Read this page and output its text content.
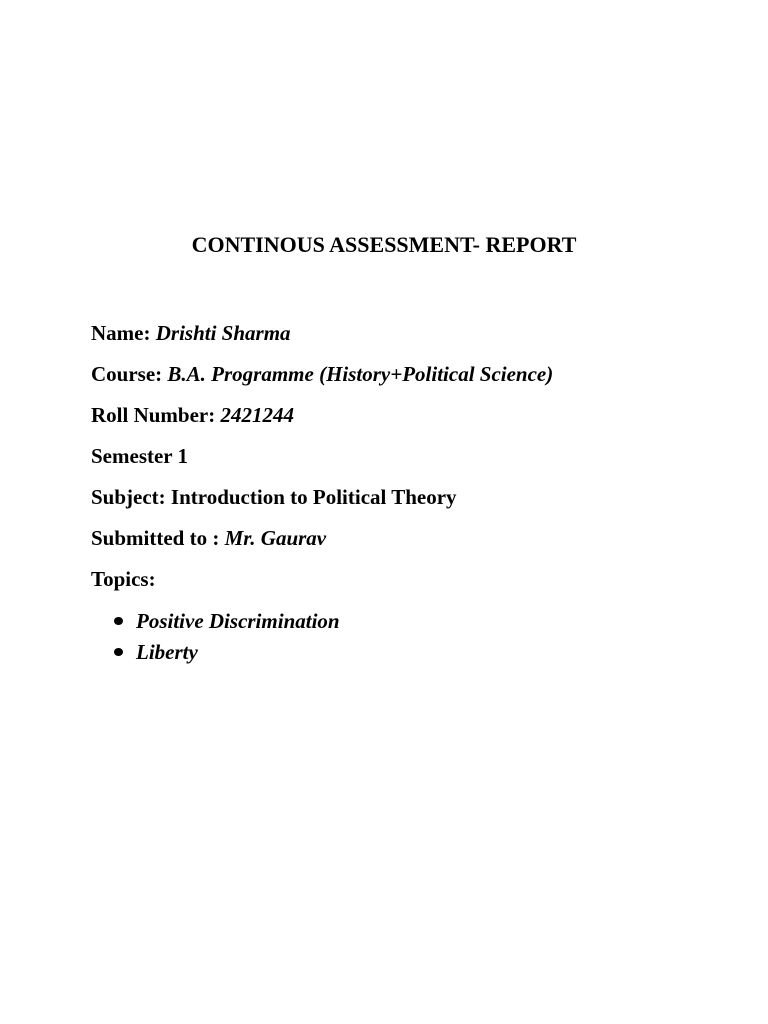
CONTINOUS ASSESSMENT- REPORT
Name: Drishti Sharma
Course: B.A. Programme (History+Political Science)
Roll Number: 2421244
Semester 1
Subject: Introduction to Political Theory
Submitted to : Mr. Gaurav
Topics:
Positive Discrimination
Liberty
